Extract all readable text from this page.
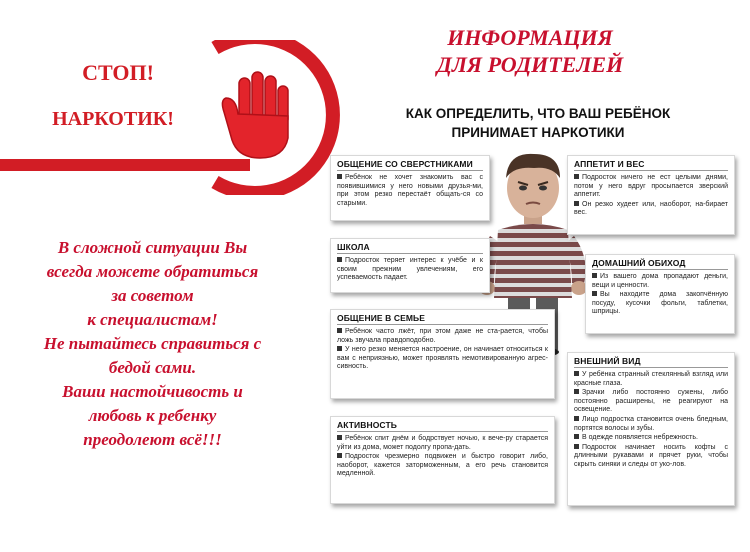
СТОП!
НАРКОТИК!
В сложной ситуации Вы
всегда можете обратиться
за советом
к специалистам!
Не пытайтесь справиться с
бедой сами.
Ваши настойчивость и
любовь к ребенку
преодолеют всё!!!
ИНФОРМАЦИЯ
ДЛЯ РОДИТЕЛЕЙ
КАК ОПРЕДЕЛИТЬ, ЧТО ВАШ РЕБЁНОК
ПРИНИМАЕТ НАРКОТИКИ
ОБЩЕНИЕ СО СВЕРСТНИКАМИ
Ребёнок не хочет знакомить вас с появившимися у него новыми друзья-ми, при этом резко перестаёт общать-ся со старыми.
ШКОЛА
Подросток теряет интерес к учёбе и к своим прежним увлечениям, его успеваемость падает.
ОБЩЕНИЕ В СЕМЬЕ
Ребёнок часто лжёт, при этом даже не ста-рается, чтобы ложь звучала правдоподобно.
У него резко меняется настроение, он начинает относиться к вам с неприязнью, может проявлять немотивированную агрес-сивность.
АКТИВНОСТЬ
Ребёнок спит днём и бодрствует ночью, к вече-ру старается уйти из дома, может подолгу пропа-дать.
Подросток чрезмерно подвижен и быстро говорит либо, наоборот, кажется заторможенным, а его речь становится медленной.
АППЕТИТ И ВЕС
Подросток ничего не ест целыми днями, потом у него вдруг просыпается зверский аппетит.
Он резко худеет или, наоборот, на-бирает вес.
ДОМАШНИЙ ОБИХОД
Из вашего дома пропадают деньги, вещи и ценности.
Вы находите дома закопчённую посуду, кусочки фольги, таблетки, шприцы.
ВНЕШНИЙ ВИД
У ребёнка странный стеклянный взгляд или красные глаза.
Зрачки либо постоянно сужены, либо постоянно расширены, не реагируют на освещение.
Лицо подростка становится очень бледным, портятся волосы и зубы.
В одежде появляется небрежность.
Подросток начинает носить кофты с длинными рукавами и прячет руки, чтобы скрыть синяки и следы от уко-лов.
